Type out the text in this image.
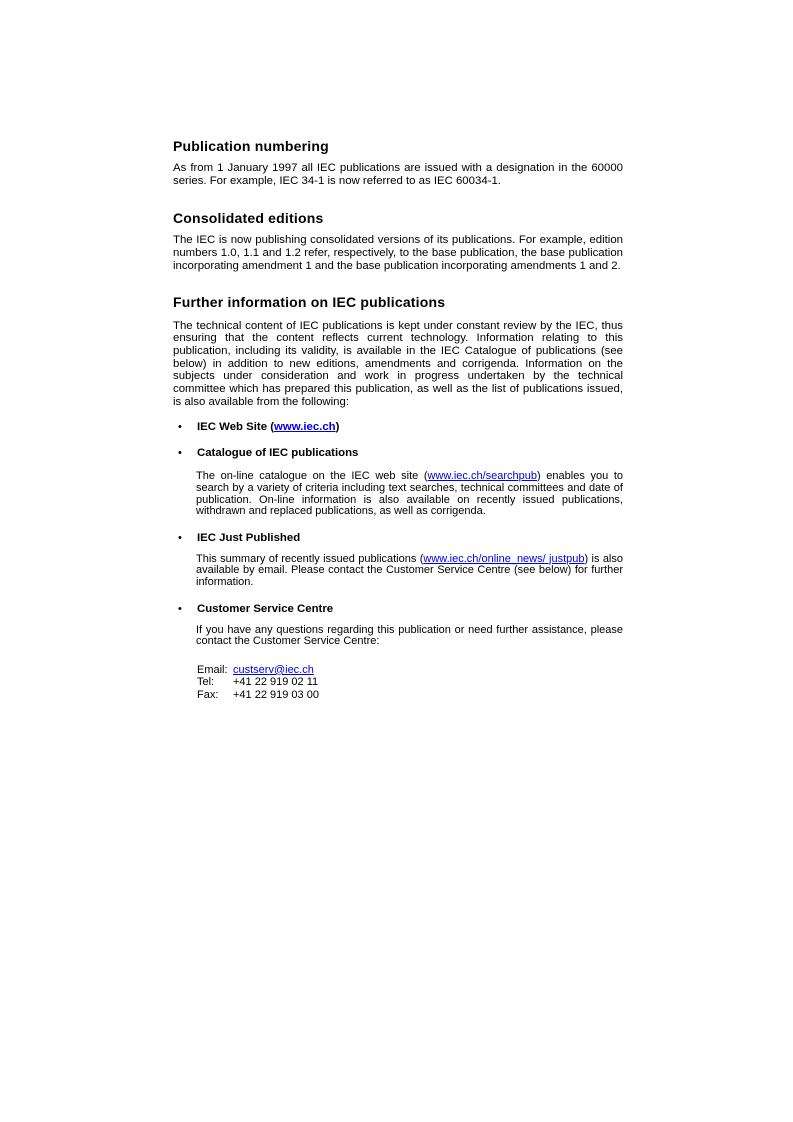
Publication numbering

As from 1 January 1997 all IEC publications are issued with a designation in the 60000 series. For example, IEC 34-1 is now referred to as IEC 60034-1.

Consolidated editions

The IEC is now publishing consolidated versions of its publications. For example, edition numbers 1.0, 1.1 and 1.2 refer, respectively, to the base publication, the base publication incorporating amendment 1 and the base publication incorporating amendments 1 and 2.

Further information on IEC publications

The technical content of IEC publications is kept under constant review by the IEC, thus ensuring that the content reflects current technology. Information relating to this publication, including its validity, is available in the IEC Catalogue of publications (see below) in addition to new editions, amendments and corrigenda. Information on the subjects under consideration and work in progress undertaken by the technical committee which has prepared this publication, as well as the list of publications issued, is also available from the following:

• IEC Web Site (www.iec.ch)
• Catalogue of IEC publications

The on-line catalogue on the IEC web site (www.iec.ch/searchpub) enables you to search by a variety of criteria including text searches, technical committees and date of publication. On-line information is also available on recently issued publications, withdrawn and replaced publications, as well as corrigenda.

• IEC Just Published

This summary of recently issued publications (www.iec.ch/online_news/ justpub) is also available by email. Please contact the Customer Service Centre (see below) for further information.

• Customer Service Centre

If you have any questions regarding this publication or need further assistance, please contact the Customer Service Centre:

Email: custserv@iec.ch
Tel: +41 22 919 02 11
Fax: +41 22 919 03 00
